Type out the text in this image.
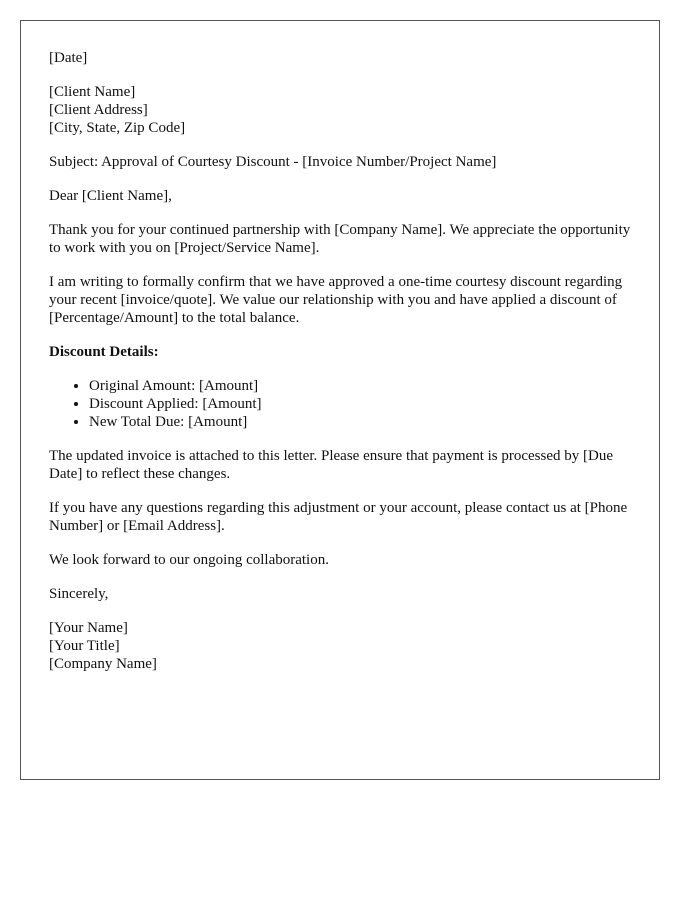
[Date]

[Client Name]
[Client Address]
[City, State, Zip Code]

Subject: Approval of Courtesy Discount - [Invoice Number/Project Name]

Dear [Client Name],

Thank you for your continued partnership with [Company Name]. We appreciate the opportunity to work with you on [Project/Service Name].

I am writing to formally confirm that we have approved a one-time courtesy discount regarding your recent [invoice/quote]. We value our relationship with you and have applied a discount of [Percentage/Amount] to the total balance.

Discount Details:

• Original Amount: [Amount]
• Discount Applied: [Amount]
• New Total Due: [Amount]

The updated invoice is attached to this letter. Please ensure that payment is processed by [Due Date] to reflect these changes.

If you have any questions regarding this adjustment or your account, please contact us at [Phone Number] or [Email Address].

We look forward to our ongoing collaboration.

Sincerely,

[Your Name]
[Your Title]
[Company Name]
